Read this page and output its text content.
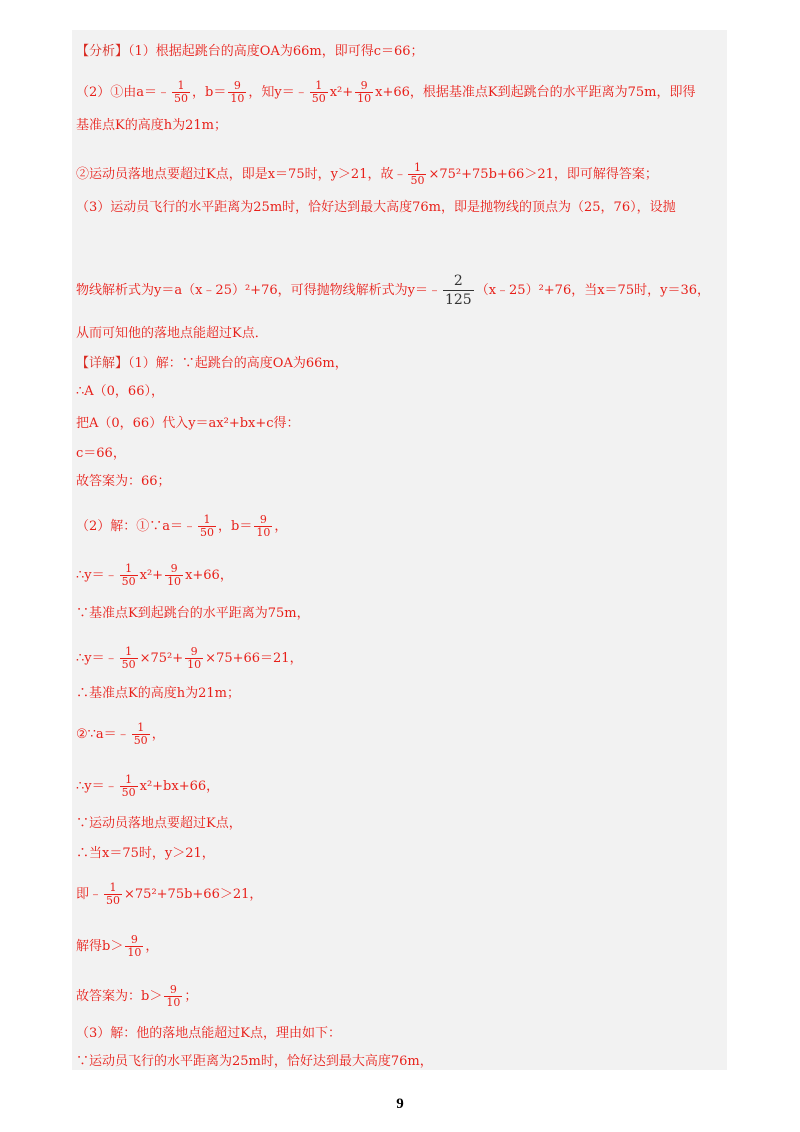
【分析】（1）根据起跳台的高度OA为66m，即可得c＝66；
（2）①由a＝﹣ $\frac{1}{50}$ ，$b= \frac{9}{10}$ ，知y＝﹣ $\frac{1}{50} x^2+ \frac{9}{10} x+66$，根据基准点K到起跳台的水平距离为75m，即得
基准点K的高度h为21m；
②运动员落地点要超过K点，即是x＝75时，y＞21，故﹣ $\frac{1}{50} \times 75^2+75b+66>21$，即可解得答案；
（3）运动员飞行的水平距离为25m时，恰好达到最大高度76m，即是抛物线的顶点为（25，76），设抛
物线解析式为y＝a（x﹣25）²+76，可得抛物线解析式为y＝﹣ $\frac{2}{125}$ （x﹣25）²+76，当x＝75时，y＝36，
从而可知他的落地点能超过K点．
【详解】（1）解：∵起跳台的高度OA为66m，
∴A（0，66），
把A（0，66）代入y＝ax²+bx+c得：
c＝66，
故答案为：66；
（2）解：①∵a＝﹣ $\frac{1}{50}$ ，$b= \frac{9}{10}$ ，
∴y＝﹣ $\frac{1}{50} x^2+ \frac{9}{10} x+66$，
∵基准点K到起跳台的水平距离为75m，
∴y＝﹣ $\frac{1}{50} \times 75^2+ \frac{9}{10} \times 75+66=21$，
∴基准点K的高度h为21m；
②∵a＝﹣ $\frac{1}{50}$ ，
∴y＝﹣ $\frac{1}{50} x^2+bx+66$，
∵运动员落地点要超过K点，
∴当x＝75时，y＞21，
即﹣ $\frac{1}{50} \times 75^2+75b+66>21$，
解得$b> \frac{9}{10}$ ，
故答案为：$b> \frac{9}{10}$ ；
（3）解：他的落地点能超过K点，理由如下：
∵运动员飞行的水平距离为25m时，恰好达到最大高度76m，
9
